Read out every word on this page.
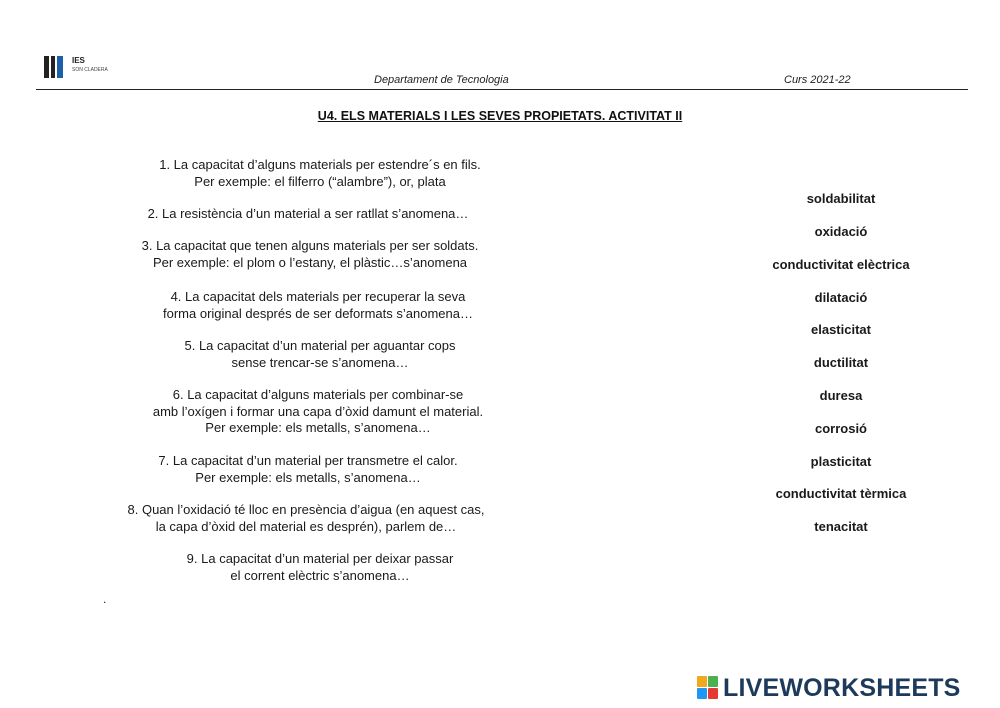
IES
SON CLADERA
Departament de Tecnologia	Curs 2021-22
U4. ELS MATERIALS I LES SEVES PROPIETATS. ACTIVITAT II
1. La capacitat d’alguns materials per estendre´s en fils.
Per exemple: el filferro (“alambre”), or, plata
2. La resistència d’un material a ser ratllat s’anomena…
3. La capacitat que tenen alguns materials per ser soldats.
Per exemple: el plom o l’estany, el plàstic…s’anomena
4. La capacitat dels materials per recuperar la seva
forma original després de ser deformats s’anomena…
5. La capacitat d’un material per aguantar cops
sense trencar-se s’anomena…
6. La capacitat d’alguns materials per combinar-se
amb l’oxígen i formar una capa d’òxid damunt el material.
Per exemple: els metalls, s’anomena…
7. La capacitat d’un material per transmetre el calor.
Per exemple: els metalls, s’anomena…
8. Quan l’oxidació té lloc en presència d’aigua (en aquest cas,
la capa d’òxid del material es desprén), parlem de…
9. La capacitat d’un material per deixar passar
el corrent elèctric s’anomena…
soldabilitat
oxidació
conductivitat elèctrica
dilatació
elasticitat
ductilitat
duresa
corrosió
plasticitat
conductivitat tèrmica
tenacitat
.
LIVEWORKSHEETS
